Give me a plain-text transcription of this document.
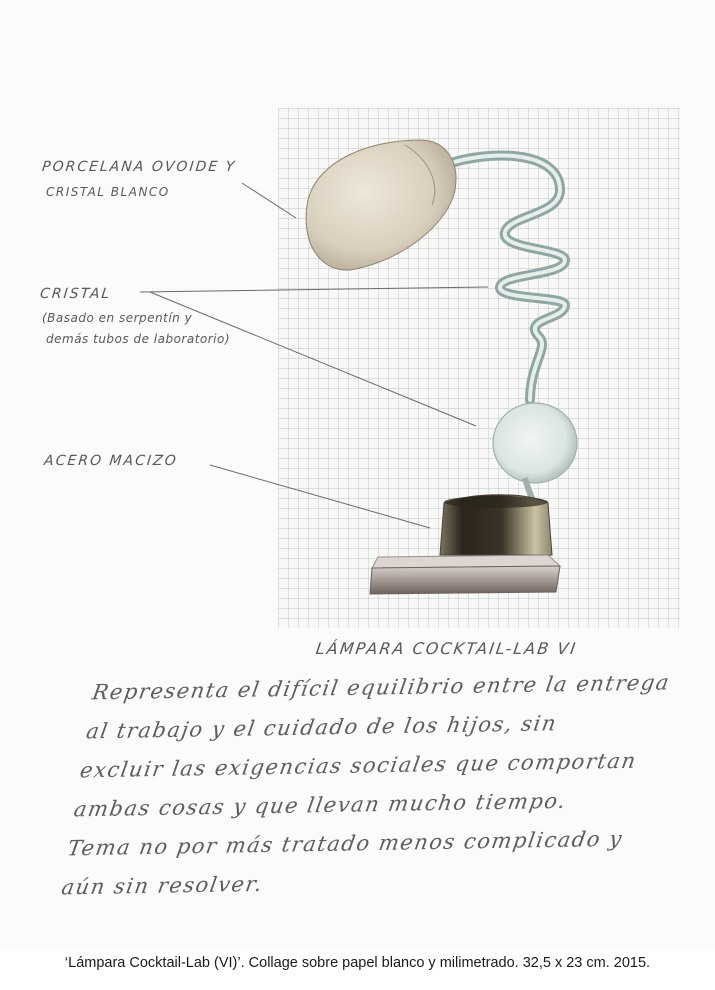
PORCELANA OVOIDE Y
CRISTAL BLANCO
CRISTAL
(Basado en serpentín y
demás tubos de laboratorio)
ACERO MACIZO
LÁMPARA COCKTAIL-LAB VI
Representa el difícil equilibrio entre la entrega
al trabajo y el cuidado de los hijos, sin
excluir las exigencias sociales que comportan
ambas cosas y que llevan mucho tiempo.
Tema no por más tratado menos complicado y
aún sin resolver.
‘Lámpara Cocktail-Lab (VI)’. Collage sobre papel blanco y milimetrado. 32,5 x 23 cm. 2015.
